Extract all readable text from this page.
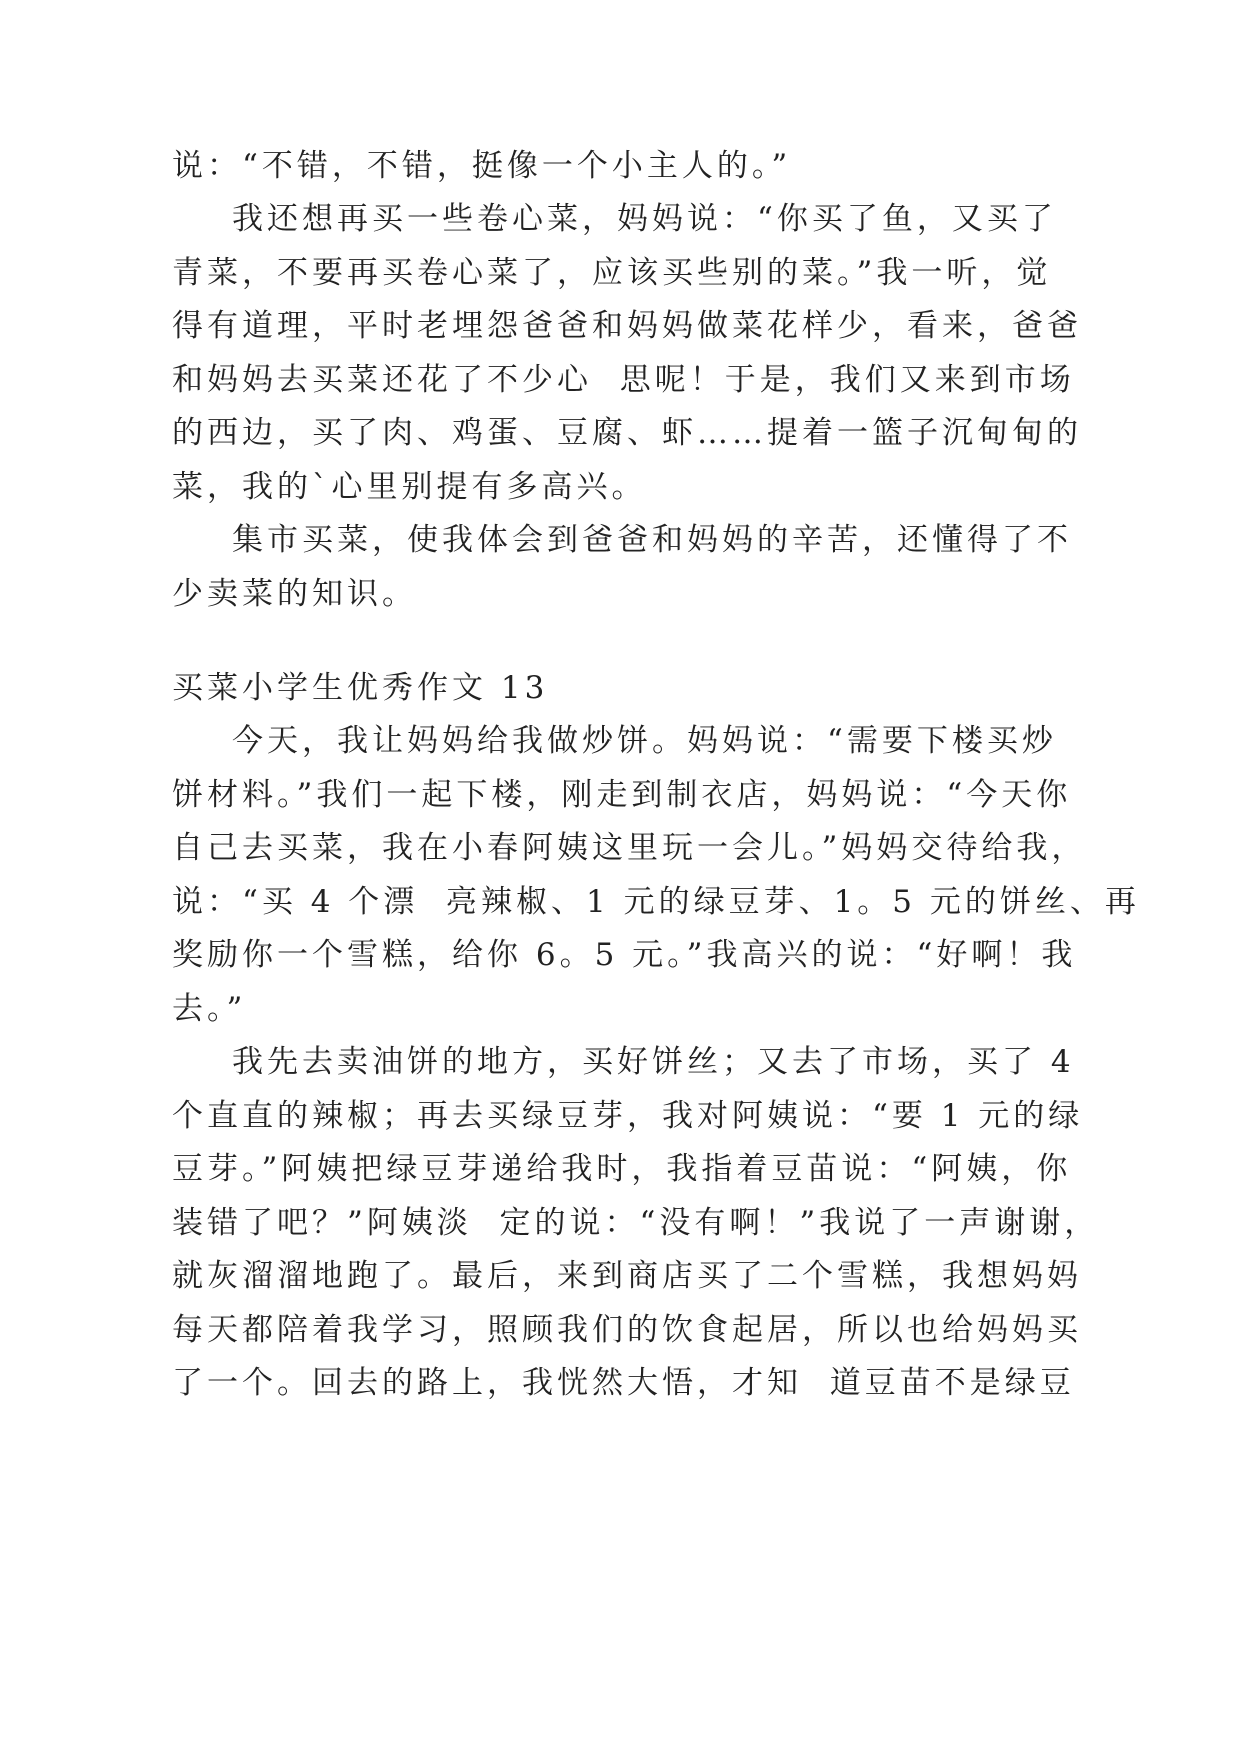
说：“不错，不错，挺像一个小主人的。”

我还想再买一些卷心菜，妈妈说：“你买了鱼，又买了

青菜，不要再买卷心菜了，应该买些别的菜。”我一听，觉

得有道理，平时老埋怨爸爸和妈妈做菜花样少，看来，爸爸

和妈妈去买菜还花了不少心  思呢！于是，我们又来到市场

的西边，买了肉、鸡蛋、豆腐、虾……提着一篮子沉甸甸的

菜，我的`心里别提有多高兴。

集市买菜，使我体会到爸爸和妈妈的辛苦，还懂得了不

少卖菜的知识。

买菜小学生优秀作文 13

今天，我让妈妈给我做炒饼。妈妈说：“需要下楼买炒

饼材料。”我们一起下楼，刚走到制衣店，妈妈说：“今天你

自己去买菜，我在小春阿姨这里玩一会儿。”妈妈交待给我，

说：“买 4 个漂  亮辣椒、1 元的绿豆芽、1。5 元的饼丝、再

奖励你一个雪糕，给你 6。5 元。”我高兴的说：“好啊！我

去。”

我先去卖油饼的地方，买好饼丝；又去了市场，买了 4

个直直的辣椒；再去买绿豆芽，我对阿姨说：“要 1 元的绿

豆芽。”阿姨把绿豆芽递给我时，我指着豆苗说：“阿姨，你

装错了吧？”阿姨淡  定的说：“没有啊！”我说了一声谢谢，

就灰溜溜地跑了。最后，来到商店买了二个雪糕，我想妈妈

每天都陪着我学习，照顾我们的饮食起居，所以也给妈妈买

了一个。回去的路上，我恍然大悟，才知  道豆苗不是绿豆
